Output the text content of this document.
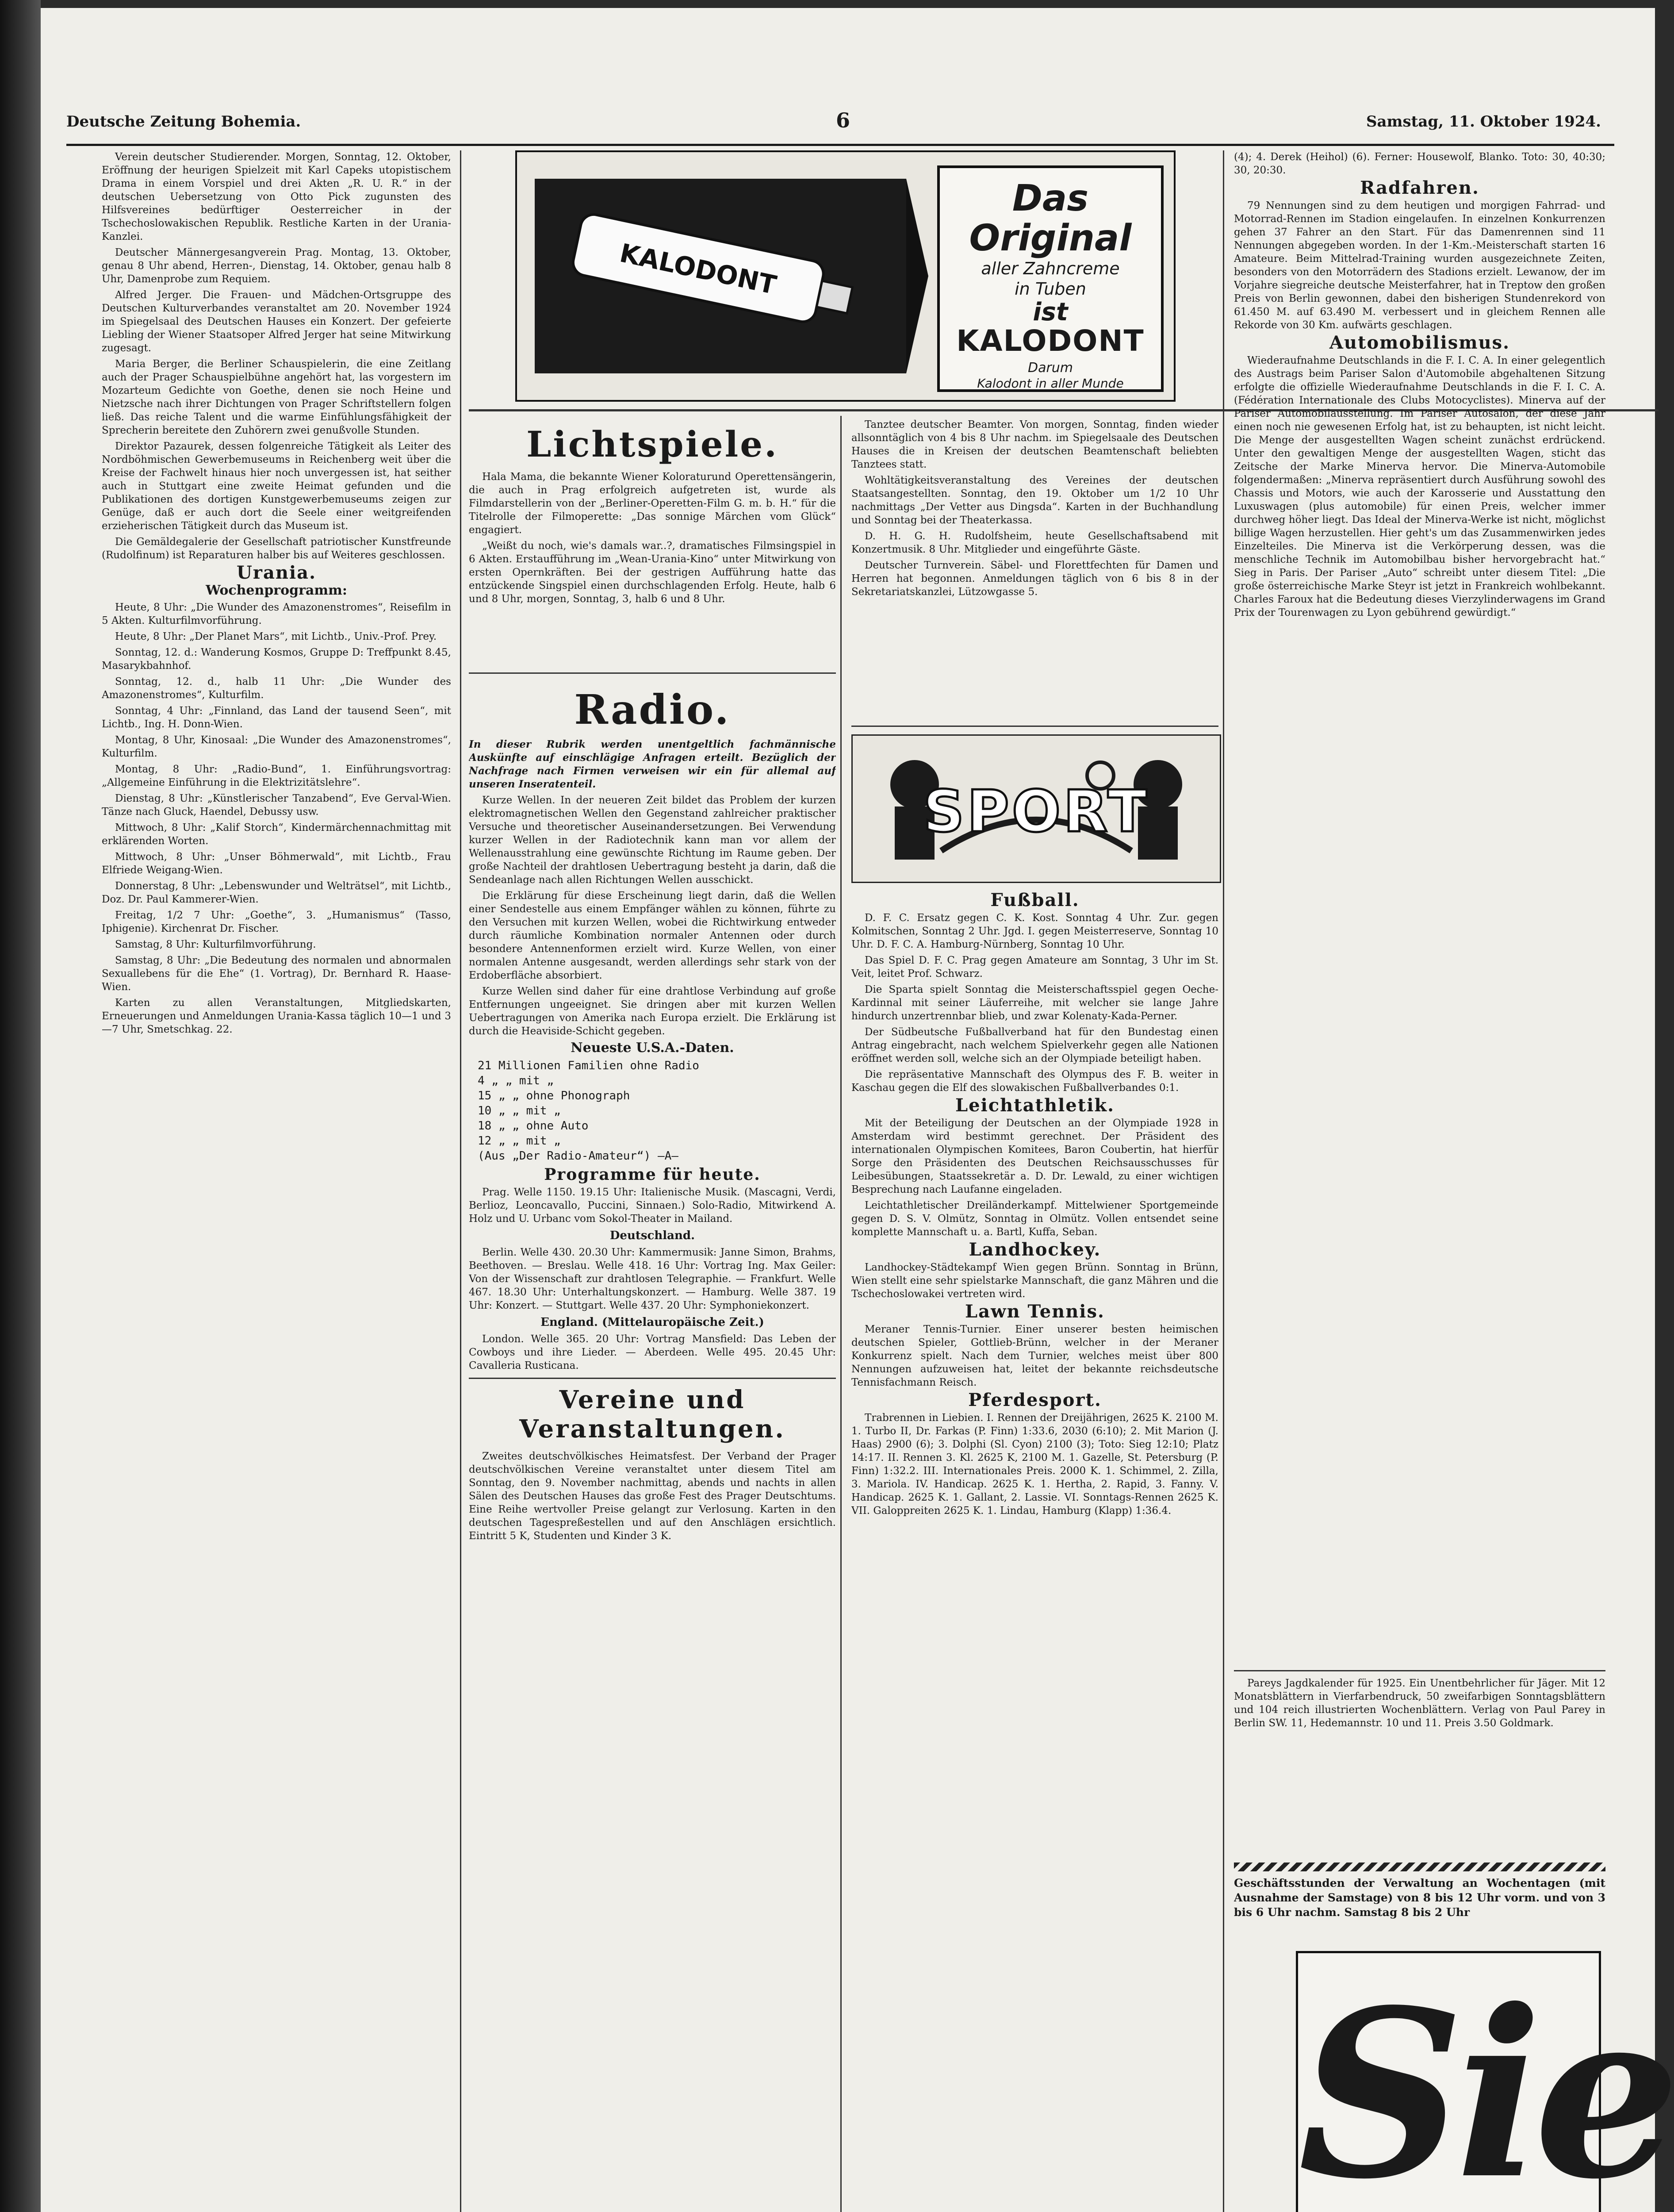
Deutsche Zeitung Bohemia.	6	Samstag, 11. Oktober 1924.

Verein deutscher Studierender. Morgen, Sonntag, 12. Oktober, Eröffnung der heurigen Spielzeit mit Karl Capeks utopistischem Drama in einem Vorspiel und drei Akten „R. U. R.“ in der deutschen Uebersetzung von Otto Pick zugunsten des Hilfsvereines bedürftiger Oesterreicher in der Tschechoslowakischen Republik. Restliche Karten in der Urania-Kanzlei.

Deutscher Männergesangverein Prag. Montag, 13. Oktober, genau 8 Uhr abend, Herren-, Dienstag, 14. Oktober, genau halb 8 Uhr, Damenprobe zum Requiem.

Alfred Jerger. Die Frauen- und Mädchen-Ortsgruppe des Deutschen Kulturverbandes veranstaltet am 20. November 1924 im Spiegelsaal des Deutschen Hauses ein Konzert. Der gefeierte Liebling der Wiener Staatsoper Alfred Jerger hat seine Mitwirkung zugesagt.

Maria Berger, die Berliner Schauspielerin, die eine Zeitlang auch der Prager Schauspielbühne angehört hat, las vorgestern im Mozarteum Gedichte von Goethe, denen sie noch Heine und Nietzsche nach ihrer Dichtungen von Prager Schriftstellern folgen ließ. Das reiche Talent und die warme Einfühlungsfähigkeit der Sprecherin bereitete den Zuhörern zwei genußvolle Stunden.

Direktor Pazaurek, dessen folgenreiche Tätigkeit als Leiter des Nordböhmischen Gewerbemuseums in Reichenberg weit über die Kreise der Fachwelt hinaus hier noch unvergessen ist, hat seither auch in Stuttgart eine zweite Heimat gefunden und die Publikationen des dortigen Kunstgewerbemuseums zeigen zur Genüge, daß er auch dort die Seele einer weitgreifenden erzieherischen Tätigkeit durch das Museum ist.

Die Gemäldegalerie der Gesellschaft patriotischer Kunstfreunde (Rudolfinum) ist Reparaturen halber bis auf Weiteres geschlossen.

Urania.
Wochenprogramm:

Heute, 8 Uhr: „Die Wunder des Amazonenstromes“, Reisefilm in 5 Akten. Kulturfilmvorführung.

Heute, 8 Uhr: „Der Planet Mars“, mit Lichtb., Univ.-Prof. Prey.

Sonntag, 12. d.: Wanderung Kosmos, Gruppe D: Treffpunkt 8.45, Masarykbahnhof.

Sonntag, 12. d., halb 11 Uhr: „Die Wunder des Amazonenstromes“, Kulturfilm.

Sonntag, 4 Uhr: „Finnland, das Land der tausend Seen“, mit Lichtb., Ing. H. Donn-Wien.

Montag, 8 Uhr, Kinosaal: „Die Wunder des Amazonenstromes“, Kulturfilm.

Montag, 8 Uhr: „Radio-Bund“, 1. Einführungsvortrag: „Allgemeine Einführung in die Elektrizitätslehre“.

Dienstag, 8 Uhr: „Künstlerischer Tanzabend“, Eve Gerval-Wien. Tänze nach Gluck, Haendel, Debussy usw.

Mittwoch, 8 Uhr: „Kalif Storch“, Kindermärchennachmittag mit erklärenden Worten.

Mittwoch, 8 Uhr: „Unser Böhmerwald“, mit Lichtb., Frau Elfriede Weigang-Wien.

Donnerstag, 8 Uhr: „Lebenswunder und Welträtsel“, mit Lichtb., Doz. Dr. Paul Kammerer-Wien.

Freitag, 1/2 7 Uhr: „Goethe“, 3. „Humanismus“ (Tasso, Iphigenie). Kirchenrat Dr. Fischer.

Samstag, 8 Uhr: Kulturfilmvorführung.

Samstag, 8 Uhr: „Die Bedeutung des normalen und abnormalen Sexuallebens für die Ehe“ (1. Vortrag), Dr. Bernhard R. Haase-Wien.

Karten zu allen Veranstaltungen, Mitgliedskarten, Erneuerungen und Anmeldungen Urania-Kassa täglich 10—1 und 3—7 Uhr, Smetschkag. 22.

KALODONT
Das
Original
aller Zahncreme
in Tuben
ist
KALODONT
Darum
Kalodont in aller Munde
Lichtspiele.

Hala Mama, die bekannte Wiener Koloraturund Operettensängerin, die auch in Prag erfolgreich aufgetreten ist, wurde als Filmdarstellerin von der „Berliner-Operetten-Film G. m. b. H.“ für die Titelrolle der Filmoperette: „Das sonnige Märchen vom Glück“ engagiert.

„Weißt du noch, wie's damals war..?, dramatisches Filmsingspiel in 6 Akten. Erstaufführung im „Wean-Urania-Kino“ unter Mitwirkung von ersten Opernkräften. Bei der gestrigen Aufführung hatte das entzückende Singspiel einen durchschlagenden Erfolg. Heute, halb 6 und 8 Uhr, morgen, Sonntag, 3, halb 6 und 8 Uhr.

Tanztee deutscher Beamter. Von morgen, Sonntag, finden wieder allsonntäglich von 4 bis 8 Uhr nachm. im Spiegelsaale des Deutschen Hauses die in Kreisen der deutschen Beamtenschaft beliebten Tanztees statt.

Wohltätigkeitsveranstaltung des Vereines der deutschen Staatsangestellten. Sonntag, den 19. Oktober um 1/2 10 Uhr nachmittags „Der Vetter aus Dingsda“. Karten in der Buchhandlung und Sonntag bei der Theaterkassa.

D. H. G. H. Rudolfsheim, heute Gesellschaftsabend mit Konzertmusik. 8 Uhr. Mitglieder und eingeführte Gäste.

Deutscher Turnverein. Säbel- und Florettfechten für Damen und Herren hat begonnen. Anmeldungen täglich von 6 bis 8 in der Sekretariatskanzlei, Lützowgasse 5.

Radio.

In dieser Rubrik werden unentgeltlich fachmännische Auskünfte auf einschlägige Anfragen erteilt. Bezüglich der Nachfrage nach Firmen verweisen wir ein für allemal auf unseren Inseratenteil.

Kurze Wellen. In der neueren Zeit bildet das Problem der kurzen elektromagnetischen Wellen den Gegenstand zahlreicher praktischer Versuche und theoretischer Auseinandersetzungen. Bei Verwendung kurzer Wellen in der Radiotechnik kann man vor allem der Wellenausstrahlung eine gewünschte Richtung im Raume geben. Der große Nachteil der drahtlosen Uebertragung besteht ja darin, daß die Sendeanlage nach allen Richtungen Wellen ausschickt.

Die Erklärung für diese Erscheinung liegt darin, daß die Wellen einer Sendestelle aus einem Empfänger wählen zu können, führte zu den Versuchen mit kurzen Wellen, wobei die Richtwirkung entweder durch räumliche Kombination normaler Antennen oder durch besondere Antennenformen erzielt wird. Kurze Wellen, von einer normalen Antenne ausgesandt, werden allerdings sehr stark von der Erdoberfläche absorbiert.

Kurze Wellen sind daher für eine drahtlose Verbindung auf große Entfernungen ungeeignet. Sie dringen aber mit kurzen Wellen Uebertragungen von Amerika nach Europa erzielt. Die Erklärung ist durch die Heaviside-Schicht gegeben.

Neueste U.S.A.-Daten.
21 Millionen Familien ohne Radio
4 „ „ mit „
15 „ „ ohne Phonograph
10 „ „ mit „
18 „ „ ohne Auto
12 „ „ mit „
(Aus „Der Radio-Amateur“) —A—
Programme für heute.

Prag. Welle 1150. 19.15 Uhr: Italienische Musik. (Mascagni, Verdi, Berlioz, Leoncavallo, Puccini, Sinnaen.) Solo-Radio, Mitwirkend A. Holz und U. Urbanc vom Sokol-Theater in Mailand.

Deutschland.

Berlin. Welle 430. 20.30 Uhr: Kammermusik: Janne Simon, Brahms, Beethoven. — Breslau. Welle 418. 16 Uhr: Vortrag Ing. Max Geiler: Von der Wissenschaft zur drahtlosen Telegraphie. — Frankfurt. Welle 467. 18.30 Uhr: Unterhaltungskonzert. — Hamburg. Welle 387. 19 Uhr: Konzert. — Stuttgart. Welle 437. 20 Uhr: Symphoniekonzert.

England. (Mittelauropäische Zeit.)

London. Welle 365. 20 Uhr: Vortrag Mansfield: Das Leben der Cowboys und ihre Lieder. — Aberdeen. Welle 495. 20.45 Uhr: Cavalleria Rusticana.

Vereine und Veranstaltungen.

Zweites deutschvölkisches Heimatsfest. Der Verband der Prager deutschvölkischen Vereine veranstaltet unter diesem Titel am Sonntag, den 9. November nachmittag, abends und nachts in allen Sälen des Deutschen Hauses das große Fest des Prager Deutschtums. Eine Reihe wertvoller Preise gelangt zur Verlosung. Karten in den deutschen Tagespreßestellen und auf den Anschlägen ersichtlich. Eintritt 5 K, Studenten und Kinder 3 K.

SPORT
Fußball.

D. F. C. Ersatz gegen C. K. Kost. Sonntag 4 Uhr. Zur. gegen Kolmitschen, Sonntag 2 Uhr. Jgd. I. gegen Meisterreserve, Sonntag 10 Uhr. D. F. C. A. Hamburg-Nürnberg, Sonntag 10 Uhr.

Das Spiel D. F. C. Prag gegen Amateure am Sonntag, 3 Uhr im St. Veit, leitet Prof. Schwarz.

Die Sparta spielt Sonntag die Meisterschaftsspiel gegen Oeche-Kardinnal mit seiner Läuferreihe, mit welcher sie lange Jahre hindurch unzertrennbar blieb, und zwar Kolenaty-Kada-Perner.

Der Südbeutsche Fußballverband hat für den Bundestag einen Antrag eingebracht, nach welchem Spielverkehr gegen alle Nationen eröffnet werden soll, welche sich an der Olympiade beteiligt haben.

Die repräsentative Mannschaft des Olympus des F. B. weiter in Kaschau gegen die Elf des slowakischen Fußballverbandes 0:1.

Leichtathletik.

Mit der Beteiligung der Deutschen an der Olympiade 1928 in Amsterdam wird bestimmt gerechnet. Der Präsident des internationalen Olympischen Komitees, Baron Coubertin, hat hierfür Sorge den Präsidenten des Deutschen Reichsausschusses für Leibesübungen, Staatssekretär a. D. Dr. Lewald, zu einer wichtigen Besprechung nach Laufanne eingeladen.

Leichtathletischer Dreiländerkampf. Mittelwiener Sportgemeinde gegen D. S. V. Olmütz, Sonntag in Olmütz. Vollen entsendet seine komplette Mannschaft u. a. Bartl, Kuffa, Seban.

Landhockey.

Landhockey-Städtekampf Wien gegen Brünn. Sonntag in Brünn, Wien stellt eine sehr spielstarke Mannschaft, die ganz Mähren und die Tschechoslowakei vertreten wird.

Lawn Tennis.

Meraner Tennis-Turnier. Einer unserer besten heimischen deutschen Spieler, Gottlieb-Brünn, welcher in der Meraner Konkurrenz spielt. Nach dem Turnier, welches meist über 800 Nennungen aufzuweisen hat, leitet der bekannte reichsdeutsche Tennisfachmann Reisch.

Pferdesport.

Trabrennen in Liebien. I. Rennen der Dreijährigen, 2625 K. 2100 M. 1. Turbo II, Dr. Farkas (P. Finn) 1:33.6, 2030 (6:10); 2. Mit Marion (J. Haas) 2900 (6); 3. Dolphi (Sl. Cyon) 2100 (3); Toto: Sieg 12:10; Platz 14:17. II. Rennen 3. Kl. 2625 K, 2100 M. 1. Gazelle, St. Petersburg (P. Finn) 1:32.2. III. Internationales Preis. 2000 K. 1. Schimmel, 2. Zilla, 3. Mariola. IV. Handicap. 2625 K. 1. Hertha, 2. Rapid, 3. Fanny. V. Handicap. 2625 K. 1. Gallant, 2. Lassie. VI. Sonntags-Rennen 2625 K. VII. Galoppreiten 2625 K. 1. Lindau, Hamburg (Klapp) 1:36.4.

(4); 4. Derek (Heihol) (6). Ferner: Housewolf, Blanko. Toto: 30, 40:30; 30, 20:30.

Radfahren.

79 Nennungen sind zu dem heutigen und morgigen Fahrrad- und Motorrad-Rennen im Stadion eingelaufen. In einzelnen Konkurrenzen gehen 37 Fahrer an den Start. Für das Damenrennen sind 11 Nennungen abgegeben worden. In der 1-Km.-Meisterschaft starten 16 Amateure. Beim Mittelrad-Training wurden ausgezeichnete Zeiten, besonders von den Motorrädern des Stadions erzielt. Lewanow, der im Vorjahre siegreiche deutsche Meisterfahrer, hat in Treptow den großen Preis von Berlin gewonnen, dabei den bisherigen Stundenrekord von 61.450 M. auf 63.490 M. verbessert und in gleichem Rennen alle Rekorde von 30 Km. aufwärts geschlagen.

Automobilismus.

Wiederaufnahme Deutschlands in die F. I. C. A. In einer gelegentlich des Austrags beim Pariser Salon d'Automobile abgehaltenen Sitzung erfolgte die offizielle Wiederaufnahme Deutschlands in die F. I. C. A. (Fédération Internationale des Clubs Motocyclistes). Minerva auf der Pariser Automobilausstellung. Im Pariser Autosalon, der diese Jahr einen noch nie gewesenen Erfolg hat, ist zu behaupten, ist nicht leicht. Die Menge der ausgestellten Wagen scheint zunächst erdrückend. Unter den gewaltigen Menge der ausgestellten Wagen, sticht das Zeitsche der Marke Minerva hervor. Die Minerva-Automobile folgendermaßen: „Minerva repräsentiert durch Ausführung sowohl des Chassis und Motors, wie auch der Karosserie und Ausstattung den Luxuswagen (plus automobile) für einen Preis, welcher immer durchweg höher liegt. Das Ideal der Minerva-Werke ist nicht, möglichst billige Wagen herzustellen. Hier geht's um das Zusammenwirken jedes Einzelteiles. Die Minerva ist die Verkörperung dessen, was die menschliche Technik im Automobilbau bisher hervorgebracht hat.“ Sieg in Paris. Der Pariser „Auto“ schreibt unter diesem Titel: „Die große österreichische Marke Steyr ist jetzt in Frankreich wohlbekannt. Charles Faroux hat die Bedeutung dieses Vierzylinderwagens im Grand Prix der Tourenwagen zu Lyon gebührend gewürdigt.“

Pareys Jagdkalender für 1925. Ein Unentbehrlicher für Jäger. Mit 12 Monatsblättern in Vierfarbendruck, 50 zweifarbigen Sonntagsblättern und 104 reich illustrierten Wochenblättern. Verlag von Paul Parey in Berlin SW. 11, Hedemannstr. 10 und 11. Preis 3.50 Goldmark.

Geschäftsstunden der Verwaltung an Wochentagen (mit Ausnahme der Samstage) von 8 bis 12 Uhr vorm. und von 3 bis 6 Uhr nachm. Samstag 8 bis 2 Uhr

Sie
